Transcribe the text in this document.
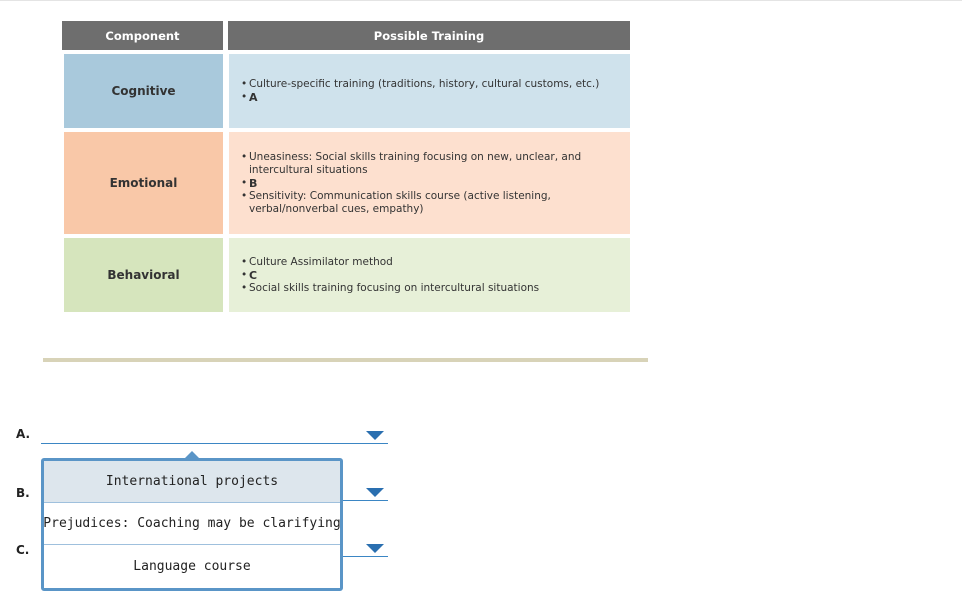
Component	Possible Training
Cognitive	• Culture-specific training (traditions, history, cultural customs, etc.)
• A
Emotional
• Uneasiness: Social skills training focusing on new, unclear, and intercultural situations
• B
• Sensitivity: Communication skills course (active listening, verbal/nonverbal cues, empathy)
Behavioral
• Culture Assimilator method
• C
• Social skills training focusing on intercultural situations
A.
B.
C.
International projects
Prejudices: Coaching may be clarifying
Language course
